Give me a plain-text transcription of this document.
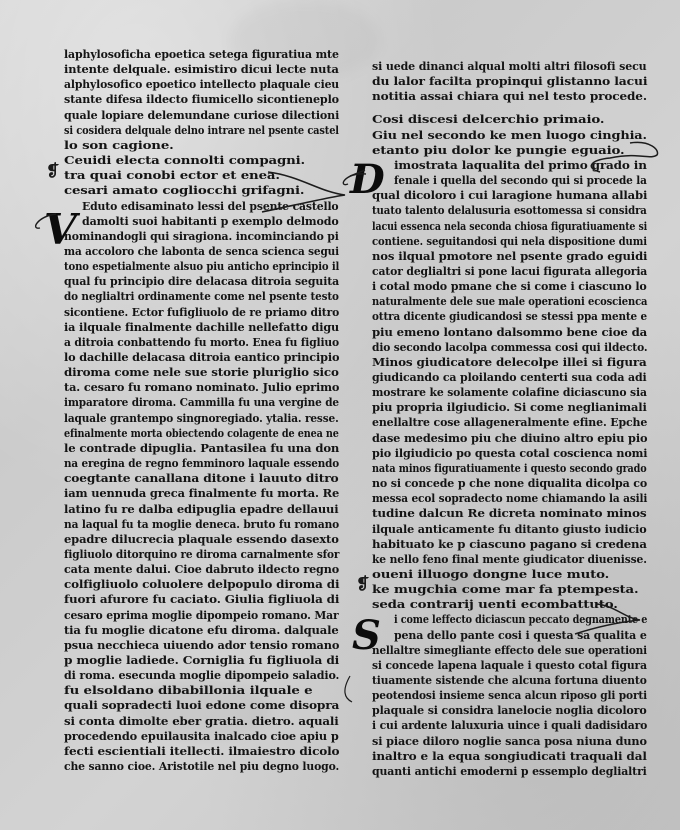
laphylosoficha epoetica setega figuratiua mte
intente delquale. esimistiro dicui lecte nuta
alphylosofico epoetico intellecto plaquale cieu
stante difesa ildecto fiumicello sicontieneplo
quale lopiare delemundane curiose dilectioni
si cosidera delquale delno intrare nel psente castel
lo son cagione.
Ceuidi electa connolti compagni.
tra quai conobi ector et enea.
cesari amato cogliocchi grifagni.
Eduto edisaminato lessi del psente castello
damolti suoi habitanti p exemplo delmodo
nominandogli qui siragiona. incominciando pi
ma accoloro che labonta de senca scienca segui
tono espetialmente alsuo piu anticho eprincipio il
qual fu principio dire delacasa ditroia seguita
do neglialtri ordinamente come nel psente testo
sicontiene. Ector fufigliuolo de re priamo ditro
ia ilquale finalmente dachille nellefatto digu
a ditroia conbattendo fu morto. Enea fu figliuo
lo dachille delacasa ditroia eantico principio
diroma come nele sue storie pluriglio sico
ta. cesaro fu romano nominato. Julio eprimo
imparatore diroma. Cammilla fu una vergine de
laquale grantempo singnoregiado. ytalia. resse.
efinalmente morta obiectendo colagente de enea ne
le contrade dipuglia. Pantasilea fu una don
na eregina de regno femminoro laquale essendo
coegtante canallana ditone i lauuto ditro
iam uennuda greca finalmente fu morta. Re
latino fu re dalba edipuglia epadre dellauui
na laqual fu ta moglie deneca. bruto fu romano
epadre dilucrecia plaquale essendo dasexto
figliuolo ditorquino re diroma carnalmente sfor
cata mente dalui. Cioe dabruto ildecto regno
colfigliuolo coluolere delpopulo diroma di
fuori afurore fu caciato. Giulia figliuola di
cesaro eprima moglie dipompeio romano. Mar
tia fu moglie dicatone efu diroma. dalquale
psua necchieca uiuendo ador tensio romano
p moglie ladiede. Corniglia fu figliuola di
di roma. esecunda moglie dipompeio saladio.
fu elsoldano dibabillonia ilquale e
quali sopradecti luoi edone come disopra
si conta dimolte eber gratia. dietro. aquali
procedendo epuilausita inalcado cioe apiu p
fecti escientiali itellecti. ilmaiestro dicolo
che sanno cioe. Aristotile nel piu degno luogo.
si uede dinanci alqual molti altri filosofi secu
du lalor facilta propinqui glistanno lacui
notitia assai chiara qui nel testo procede.
Cosi discesi delcerchio primaio.
Giu nel secondo ke men luogo cinghia.
etanto piu dolor ke pungie eguaio.
imostrata laqualita del primo grado in
fenale i quella del secondo qui si procede la
qual dicoloro i cui laragione humana allabi
tuato talento delalusuria esottomessa si considra
lacui essenca nela seconda chiosa figuratiuamente si
contiene. seguitandosi qui nela dispositione dumi
nos ilqual pmotore nel psente grado eguidi
cator deglialtri si pone lacui figurata allegoria
i cotal modo pmane che si come i ciascuno lo
naturalmente dele sue male operationi ecoscienca
ottra dicente giudicandosi se stessi ppa mente e
piu emeno lontano dalsommo bene cioe da
dio secondo lacolpa commessa cosi qui ildecto.
Minos giudicatore delecolpe illei si figura
giudicando ca ploilando centerti sua coda adi
mostrare ke solamente colafine diciascuno sia
piu propria ilgiudicio. Si come neglianimali
enellaltre cose allageneralmente efine. Epche
dase medesimo piu che diuino altro epiu pio
pio ilgiudicio po questa cotal coscienca nomi
nata minos figuratiuamente i questo secondo grado
no si concede p che none diqualita dicolpa co
messa ecol sopradecto nome chiamando la asili
tudine dalcun Re dicreta nominato minos
ilquale anticamente fu ditanto giusto iudicio
habituato ke p ciascuno pagano si credena
ke nello feno final mente giudicator diuenisse.
oueni illuogo dongne luce muto.
ke mugchia come mar fa ptempesta.
seda contrarij uenti ecombattuto.
i come leffecto diciascun peccato degnamente e
pena dello pante cosi i questa sa qualita e
nellaltre simegliante effecto dele sue operationi
si concede lapena laquale i questo cotal figura
tiuamente sistende che alcuna fortuna diuento
peotendosi insieme senca alcun riposo gli porti
plaquale si considra lanelocie noglia dicoloro
i cui ardente laluxuria uince i quali dadisidaro
si piace diloro noglie sanca posa niuna duno
inaltro e la equa songiudicati traquali dal
quanti antichi emoderni p essemplo deglialtri
V
D
S
❡
❡
